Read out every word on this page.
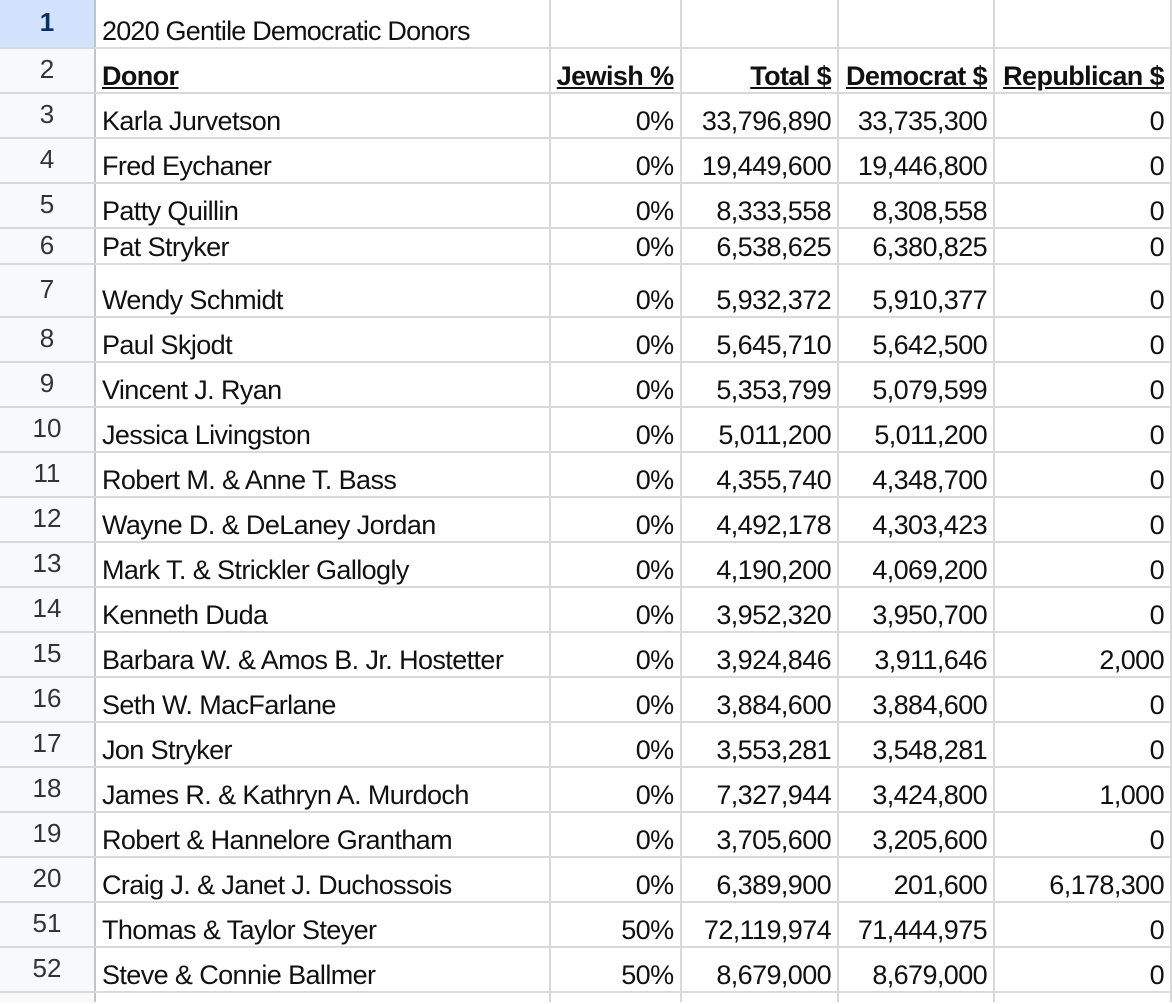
1	2020 Gentile Democratic Donors				
2	Donor	Jewish %	Total $	Democrat $	Republican $
3	Karla Jurvetson	0%	33,796,890	33,735,300	0
4	Fred Eychaner	0%	19,449,600	19,446,800	0
5	Patty Quillin	0%	8,333,558	8,308,558	0
6	Pat Stryker	0%	6,538,625	6,380,825	0
7	Wendy Schmidt	0%	5,932,372	5,910,377	0
8	Paul Skjodt	0%	5,645,710	5,642,500	0
9	Vincent J. Ryan	0%	5,353,799	5,079,599	0
10	Jessica Livingston	0%	5,011,200	5,011,200	0
11	Robert M. & Anne T. Bass	0%	4,355,740	4,348,700	0
12	Wayne D. & DeLaney Jordan	0%	4,492,178	4,303,423	0
13	Mark T. & Strickler Gallogly	0%	4,190,200	4,069,200	0
14	Kenneth Duda	0%	3,952,320	3,950,700	0
15	Barbara W. & Amos B. Jr. Hostetter	0%	3,924,846	3,911,646	2,000
16	Seth W. MacFarlane	0%	3,884,600	3,884,600	0
17	Jon Stryker	0%	3,553,281	3,548,281	0
18	James R. & Kathryn A. Murdoch	0%	7,327,944	3,424,800	1,000
19	Robert & Hannelore Grantham	0%	3,705,600	3,205,600	0
20	Craig J. & Janet J. Duchossois	0%	6,389,900	201,600	6,178,300
51	Thomas & Taylor Steyer	50%	72,119,974	71,444,975	0
52	Steve & Connie Ballmer	50%	8,679,000	8,679,000	0
